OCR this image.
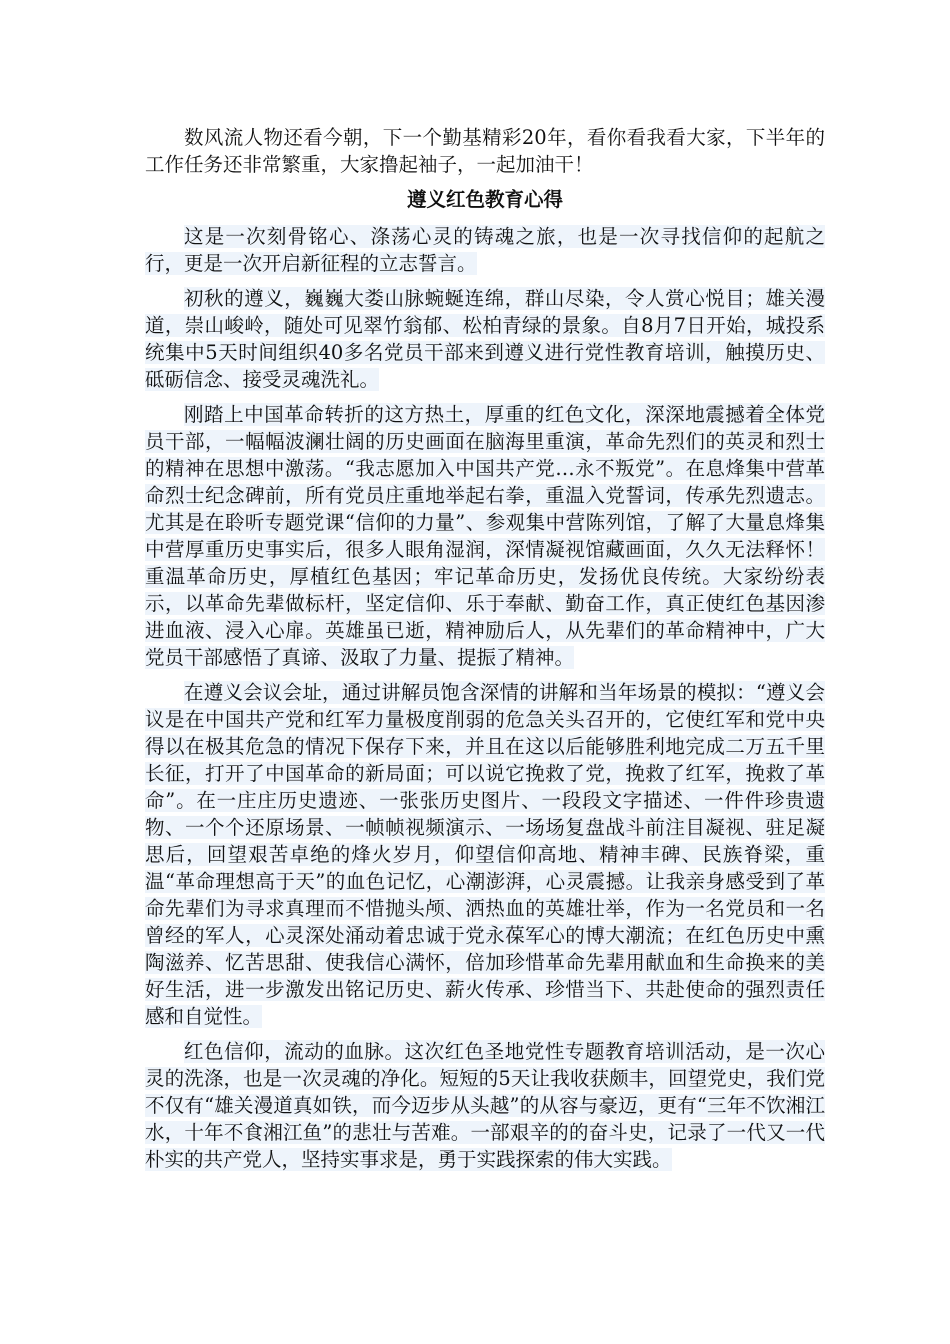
数风流人物还看今朝，下一个勤基精彩20年，看你看我看大家，下半年的工作任务还非常繁重，大家撸起袖子，一起加油干！

遵义红色教育心得

这是一次刻骨铭心、涤荡心灵的铸魂之旅，也是一次寻找信仰的起航之行，更是一次开启新征程的立志誓言。

初秋的遵义，巍巍大娄山脉蜿蜒连绵，群山尽染，令人赏心悦目；雄关漫道，崇山峻岭，随处可见翠竹翁郁、松柏青绿的景象。自8月7日开始，城投系统集中5天时间组织40多名党员干部来到遵义进行党性教育培训，触摸历史、砥砺信念、接受灵魂洗礼。

刚踏上中国革命转折的这方热土，厚重的红色文化，深深地震撼着全体党员干部，一幅幅波澜壮阔的历史画面在脑海里重演，革命先烈们的英灵和烈士的精神在思想中激荡。“我志愿加入中国共产党…永不叛党”。在息烽集中营革命烈士纪念碑前，所有党员庄重地举起右拳，重温入党誓词，传承先烈遗志。尤其是在聆听专题党课“信仰的力量”、参观集中营陈列馆，了解了大量息烽集中营厚重历史事实后，很多人眼角湿润，深情凝视馆藏画面，久久无法释怀！重温革命历史，厚植红色基因；牢记革命历史，发扬优良传统。大家纷纷表示，以革命先辈做标杆，坚定信仰、乐于奉献、勤奋工作，真正使红色基因渗进血液、浸入心扉。英雄虽已逝，精神励后人，从先辈们的革命精神中，广大党员干部感悟了真谛、汲取了力量、提振了精神。

在遵义会议会址，通过讲解员饱含深情的讲解和当年场景的模拟：“遵义会议是在中国共产党和红军力量极度削弱的危急关头召开的，它使红军和党中央得以在极其危急的情况下保存下来，并且在这以后能够胜利地完成二万五千里长征，打开了中国革命的新局面；可以说它挽救了党，挽救了红军，挽救了革命”。在一庄庄历史遗迹、一张张历史图片、一段段文字描述、一件件珍贵遗物、一个个还原场景、一帧帧视频演示、一场场复盘战斗前注目凝视、驻足凝思后，回望艰苦卓绝的烽火岁月，仰望信仰高地、精神丰碑、民族脊梁，重温“革命理想高于天”的血色记忆，心潮澎湃，心灵震撼。让我亲身感受到了革命先辈们为寻求真理而不惜抛头颅、洒热血的英雄壮举，作为一名党员和一名曾经的军人，心灵深处涌动着忠诚于党永葆军心的博大潮流；在红色历史中熏陶滋养、忆苦思甜、使我信心满怀，倍加珍惜革命先辈用献血和生命换来的美好生活，进一步激发出铭记历史、薪火传承、珍惜当下、共赴使命的强烈责任感和自觉性。

红色信仰，流动的血脉。这次红色圣地党性专题教育培训活动，是一次心灵的洗涤，也是一次灵魂的净化。短短的5天让我收获颇丰，回望党史，我们党不仅有“雄关漫道真如铁，而今迈步从头越”的从容与豪迈，更有“三年不饮湘江水，十年不食湘江鱼”的悲壮与苦难。一部艰辛的的奋斗史，记录了一代又一代朴实的共产党人，坚持实事求是，勇于实践探索的伟大实践。
